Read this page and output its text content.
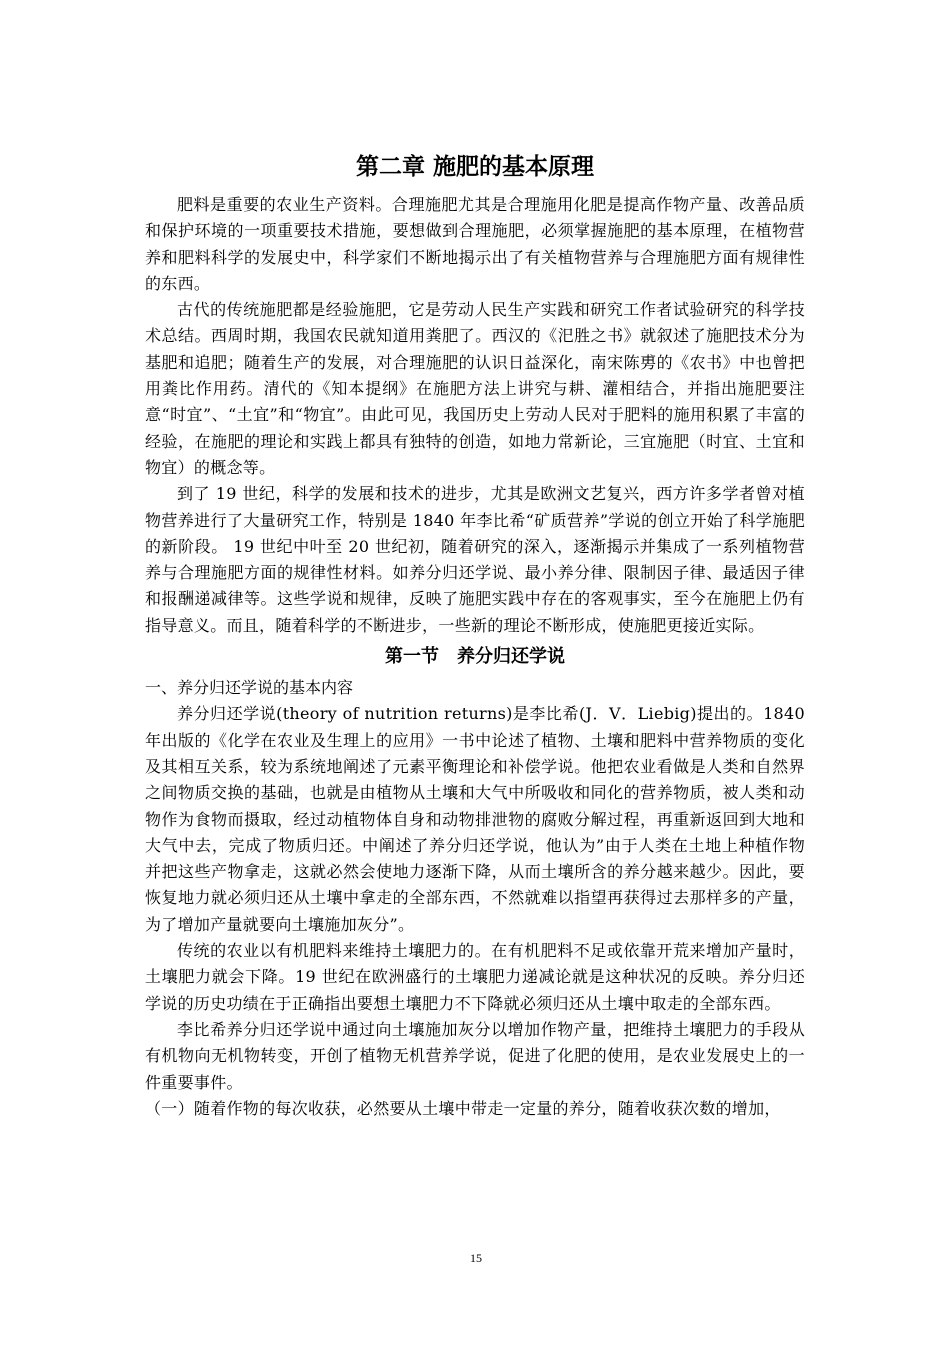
第二章 施肥的基本原理

肥料是重要的农业生产资料。合理施肥尤其是合理施用化肥是提高作物产量、改善品质和保护环境的一项重要技术措施，要想做到合理施肥，必须掌握施肥的基本原理，在植物营养和肥料科学的发展史中，科学家们不断地揭示出了有关植物营养与合理施肥方面有规律性的东西。

古代的传统施肥都是经验施肥，它是劳动人民生产实践和研究工作者试验研究的科学技术总结。西周时期，我国农民就知道用粪肥了。西汉的《汜胜之书》就叙述了施肥技术分为基肥和追肥；随着生产的发展，对合理施肥的认识日益深化，南宋陈旉的《农书》中也曾把用粪比作用药。清代的《知本提纲》在施肥方法上讲究与耕、灌相结合，并指出施肥要注意“时宜”、“土宜”和“物宜”。由此可见，我国历史上劳动人民对于肥料的施用积累了丰富的经验，在施肥的理论和实践上都具有独特的创造，如地力常新论，三宜施肥（时宜、土宜和物宜）的概念等。

到了 19 世纪，科学的发展和技术的进步，尤其是欧洲文艺复兴，西方许多学者曾对植物营养进行了大量研究工作，特别是 1840 年李比希“矿质营养”学说的创立开始了科学施肥的新阶段。 19 世纪中叶至 20 世纪初，随着研究的深入，逐渐揭示并集成了一系列植物营养与合理施肥方面的规律性材料。如养分归还学说、最小养分律、限制因子律、最适因子律和报酬递减律等。这些学说和规律，反映了施肥实践中存在的客观事实，至今在施肥上仍有指导意义。而且，随着科学的不断进步，一些新的理论不断形成，使施肥更接近实际。

第一节　养分归还学说

一、养分归还学说的基本内容

养分归还学说(theory of nutrition returns)是李比希(J．V．Liebig)提出的。1840 年出版的《化学在农业及生理上的应用》一书中论述了植物、土壤和肥料中营养物质的变化及其相互关系，较为系统地阐述了元素平衡理论和补偿学说。他把农业看做是人类和自然界之间物质交换的基础，也就是由植物从土壤和大气中所吸收和同化的营养物质，被人类和动物作为食物而摄取，经过动植物体自身和动物排泄物的腐败分解过程，再重新返回到大地和大气中去，完成了物质归还。中阐述了养分归还学说，他认为”由于人类在土地上种植作物并把这些产物拿走，这就必然会使地力逐渐下降，从而土壤所含的养分越来越少。因此，要恢复地力就必须归还从土壤中拿走的全部东西，不然就难以指望再获得过去那样多的产量，为了增加产量就要向土壤施加灰分”。

传统的农业以有机肥料来维持土壤肥力的。在有机肥料不足或依靠开荒来增加产量时，土壤肥力就会下降。19 世纪在欧洲盛行的土壤肥力递减论就是这种状况的反映。养分归还学说的历史功绩在于正确指出要想土壤肥力不下降就必须归还从土壤中取走的全部东西。

李比希养分归还学说中通过向土壤施加灰分以增加作物产量，把维持土壤肥力的手段从有机物向无机物转变，开创了植物无机营养学说，促进了化肥的使用，是农业发展史上的一件重要事件。

（一）随着作物的每次收获，必然要从土壤中带走一定量的养分，随着收获次数的增加，

15
